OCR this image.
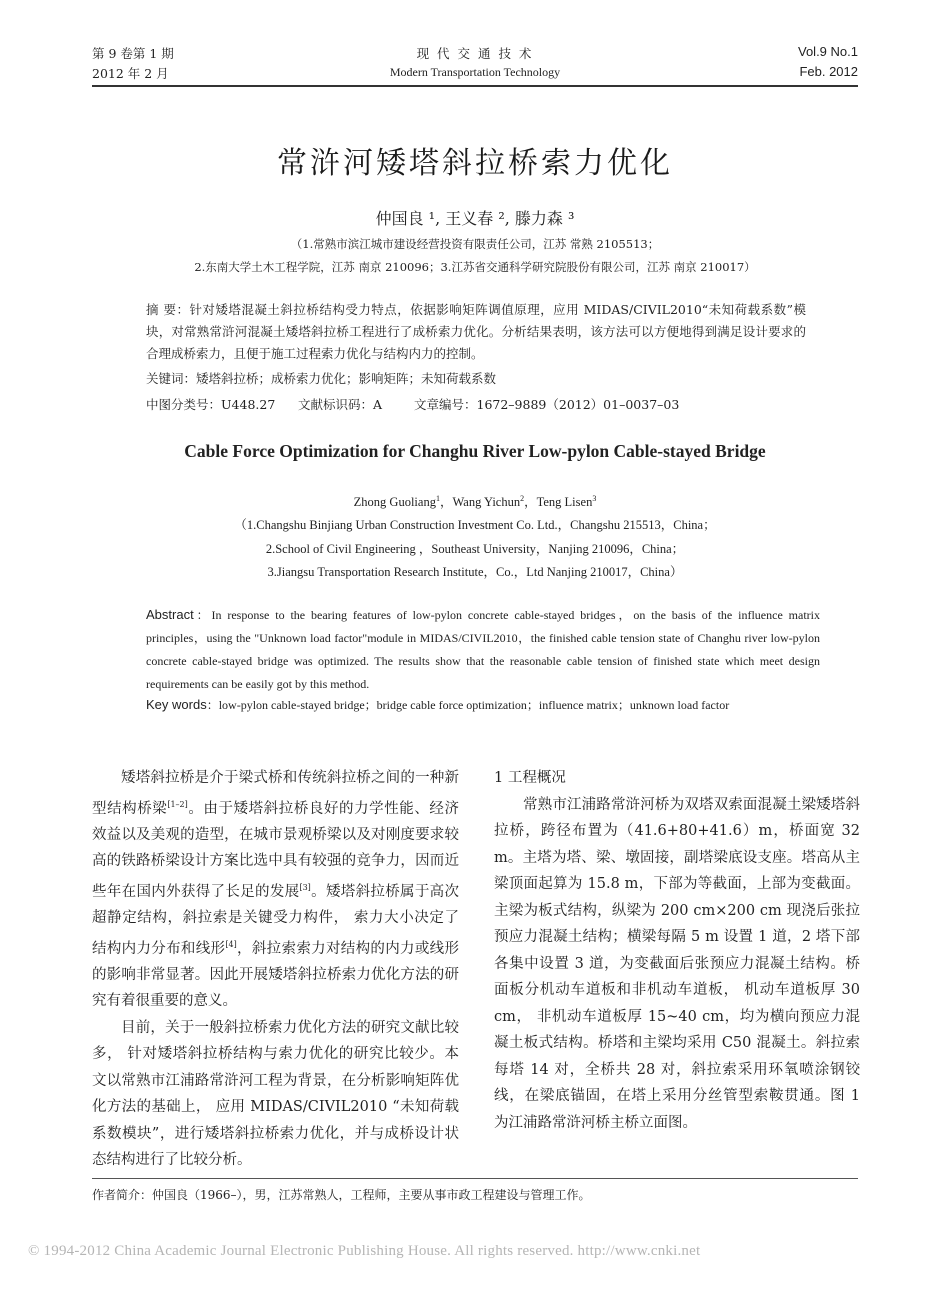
第 9 卷第 1 期
2012 年 2 月
现 代 交 通 技 术
Modern Transportation Technology
Vol.9 No.1
Feb. 2012
常浒河矮塔斜拉桥索力优化
仲国良 ¹, 王义春 ², 滕力森 ³
（1.常熟市滨江城市建设经营投资有限责任公司，江苏 常熟 2105513；
2.东南大学土木工程学院，江苏 南京 210096；3.江苏省交通科学研究院股份有限公司，江苏 南京 210017）
摘 要：针对矮塔混凝土斜拉桥结构受力特点，依据影响矩阵调值原理，应用 MIDAS/CIVIL2010“未知荷载系数”模块，对常熟常浒河混凝土矮塔斜拉桥工程进行了成桥索力优化。分析结果表明，该方法可以方便地得到满足设计要求的合理成桥索力，且便于施工过程索力优化与结构内力的控制。
关键词：矮塔斜拉桥；成桥索力优化；影响矩阵；未知荷载系数
中图分类号：U448.27 文献标识码：A	文章编号：1672–9889（2012）01–0037–03
Cable Force Optimization for Changhu River Low-pylon Cable-stayed Bridge
Zhong Guoliang$^1$，Wang Yichun$^2$，Teng Lisen$^3$
（1.Changshu Binjiang Urban Construction Investment Co. Ltd.，Changshu 215513，China；
2.School of Civil Engineering ，Southeast University，Nanjing 210096，China；
3.Jiangsu Transportation Research Institute，Co.，Ltd Nanjing 210017，China）
Abstract：In response to the bearing features of low-pylon concrete cable-stayed bridges，on the basis of the influence matrix principles，using the "Unknown load factor"module in MIDAS/CIVIL2010，the finished cable tension state of Changhu river low-pylon concrete cable-stayed bridge was optimized. The results show that the reasonable cable tension of finished state which meet design requirements can be easily got by this method.
Key words：low-pylon cable-stayed bridge；bridge cable force optimization；influence matrix；unknown load factor

矮塔斜拉桥是介于梁式桥和传统斜拉桥之间的一种新型结构桥梁[1–2]。由于矮塔斜拉桥良好的力学性能、经济效益以及美观的造型，在城市景观桥梁以及对刚度要求较高的铁路桥梁设计方案比选中具有较强的竞争力，因而近些年在国内外获得了长足的发展[3]。矮塔斜拉桥属于高次超静定结构，斜拉索是关键受力构件， 索力大小决定了结构内力分布和线形[4]，斜拉索索力对结构的内力或线形的影响非常显著。因此开展矮塔斜拉桥索力优化方法的研究有着很重要的意义。

目前，关于一般斜拉桥索力优化方法的研究文献比较多， 针对矮塔斜拉桥结构与索力优化的研究比较少。本文以常熟市江浦路常浒河工程为背景，在分析影响矩阵优化方法的基础上， 应用 MIDAS/CIVIL2010 “未知荷载系数模块”，进行矮塔斜拉桥索力优化，并与成桥设计状态结构进行了比较分析。

1 工程概况

常熟市江浦路常浒河桥为双塔双索面混凝土梁矮塔斜拉桥，跨径布置为（41.6+80+41.6）m，桥面宽 32 m。主塔为塔、梁、墩固接，副塔梁底设支座。塔高从主梁顶面起算为 15.8 m，下部为等截面，上部为变截面。主梁为板式结构，纵梁为 200 cm×200 cm 现浇后张拉预应力混凝土结构；横梁每隔 5 m 设置 1 道，2 塔下部各集中设置 3 道，为变截面后张预应力混凝土结构。桥面板分机动车道板和非机动车道板， 机动车道板厚 30 cm， 非机动车道板厚 15~40 cm，均为横向预应力混凝土板式结构。桥塔和主梁均采用 C50 混凝土。斜拉索每塔 14 对，全桥共 28 对，斜拉索采用环氧喷涂钢铰线，在梁底锚固，在塔上采用分丝管型索鞍贯通。图 1 为江浦路常浒河桥主桥立面图。

作者简介：仲国良（1966–），男，江苏常熟人，工程师，主要从事市政工程建设与管理工作。
© 1994-2012 China Academic Journal Electronic Publishing House. All rights reserved. http://www.cnki.net
